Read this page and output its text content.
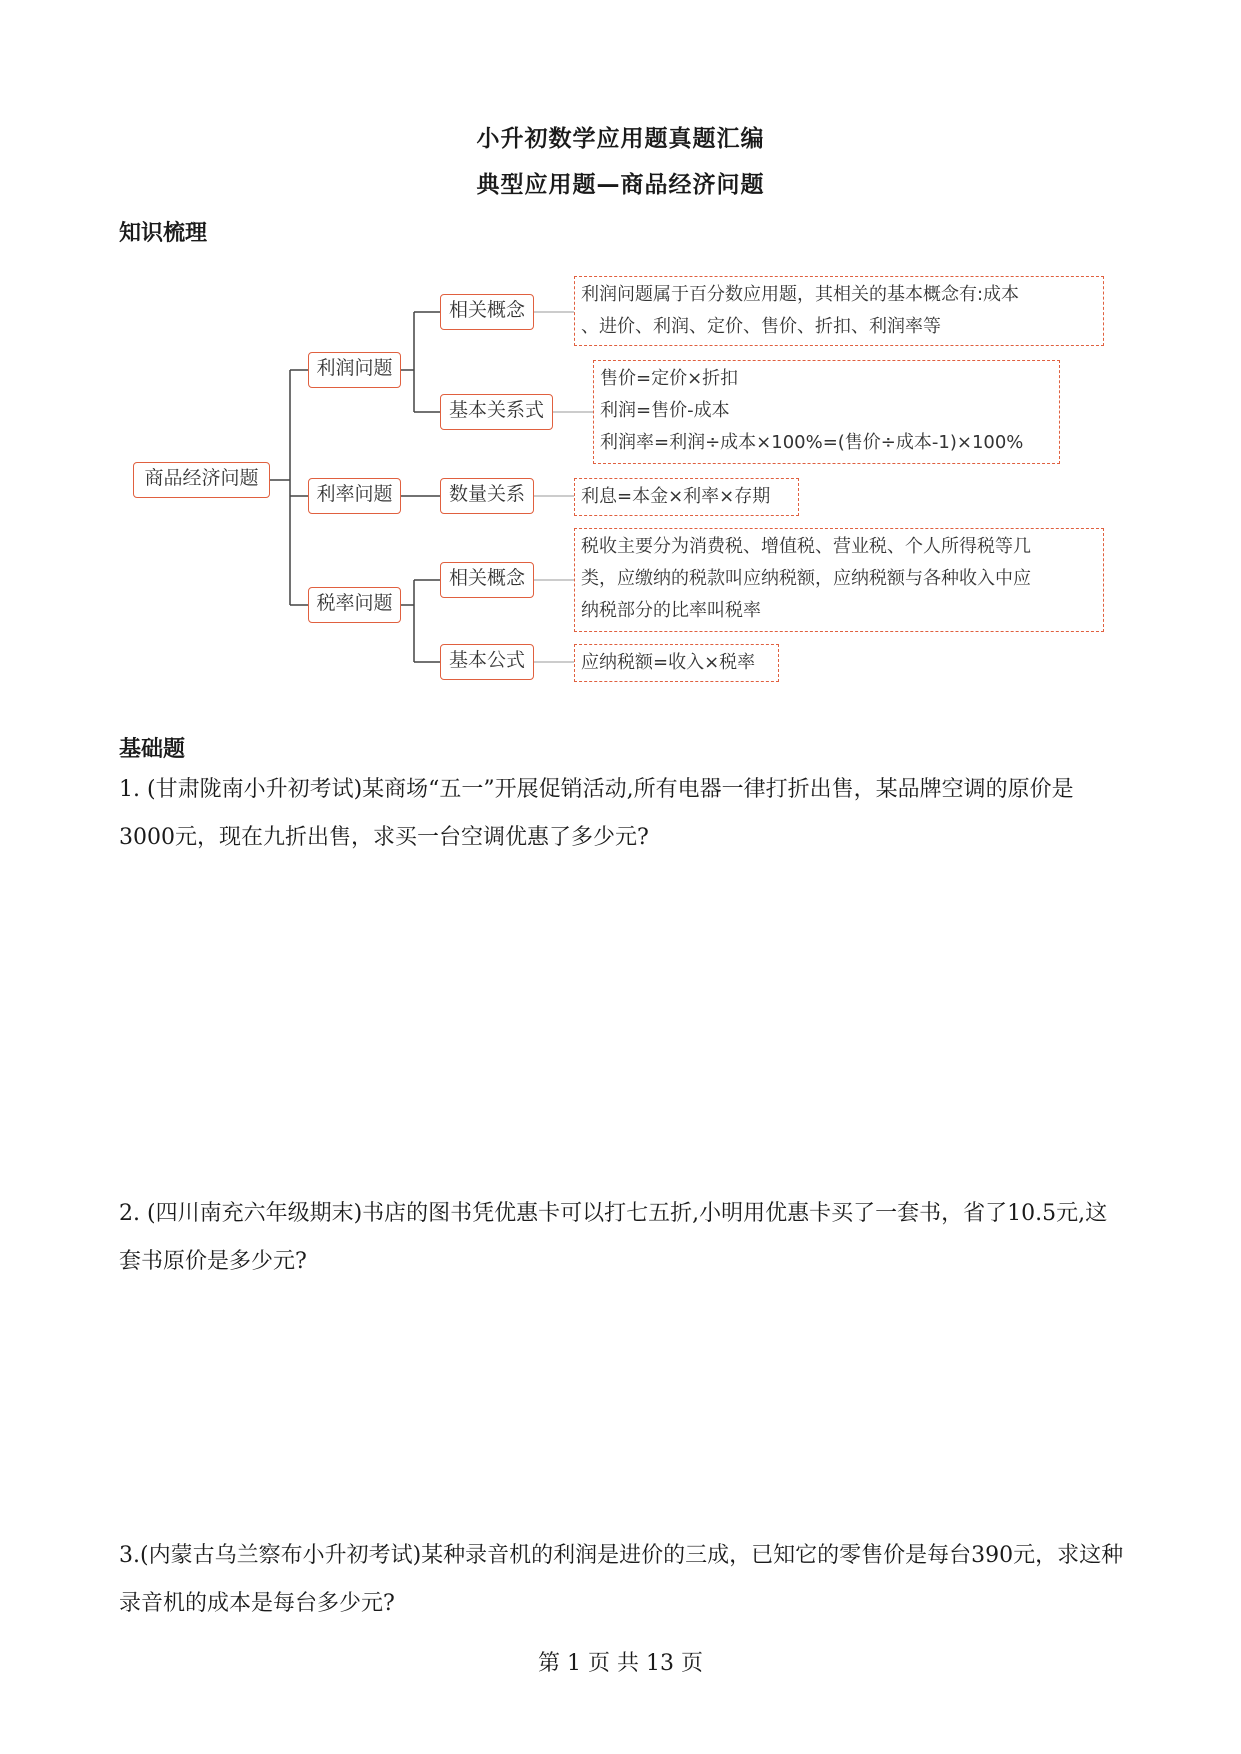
小升初数学应用题真题汇编
典型应用题—商品经济问题
知识梳理
商品经济问题
利润问题
利率问题
税率问题
相关概念
基本关系式
数量关系
相关概念
基本公式
利润问题属于百分数应用题，其相关的基本概念有:成本
、进价、利润、定价、售价、折扣、利润率等
售价=定价×折扣
利润=售价-成本
利润率=利润÷成本×100%=(售价÷成本-1)×100%
利息=本金×利率×存期
税收主要分为消费税、增值税、营业税、个人所得税等几
类，应缴纳的税款叫应纳税额，应纳税额与各种收入中应
纳税部分的比率叫税率
应纳税额=收入×税率
基础题
1. (甘肃陇南小升初考试)某商场“五一”开展促销活动,所有电器一律打折出售，某品牌空调的原价是3000元，现在九折出售，求买一台空调优惠了多少元?
2. (四川南充六年级期末)书店的图书凭优惠卡可以打七五折,小明用优惠卡买了一套书，省了10.5元,这套书原价是多少元?
3.(内蒙古乌兰察布小升初考试)某种录音机的利润是进价的三成，已知它的零售价是每台390元，求这种录音机的成本是每台多少元?
第 1 页 共 13 页
